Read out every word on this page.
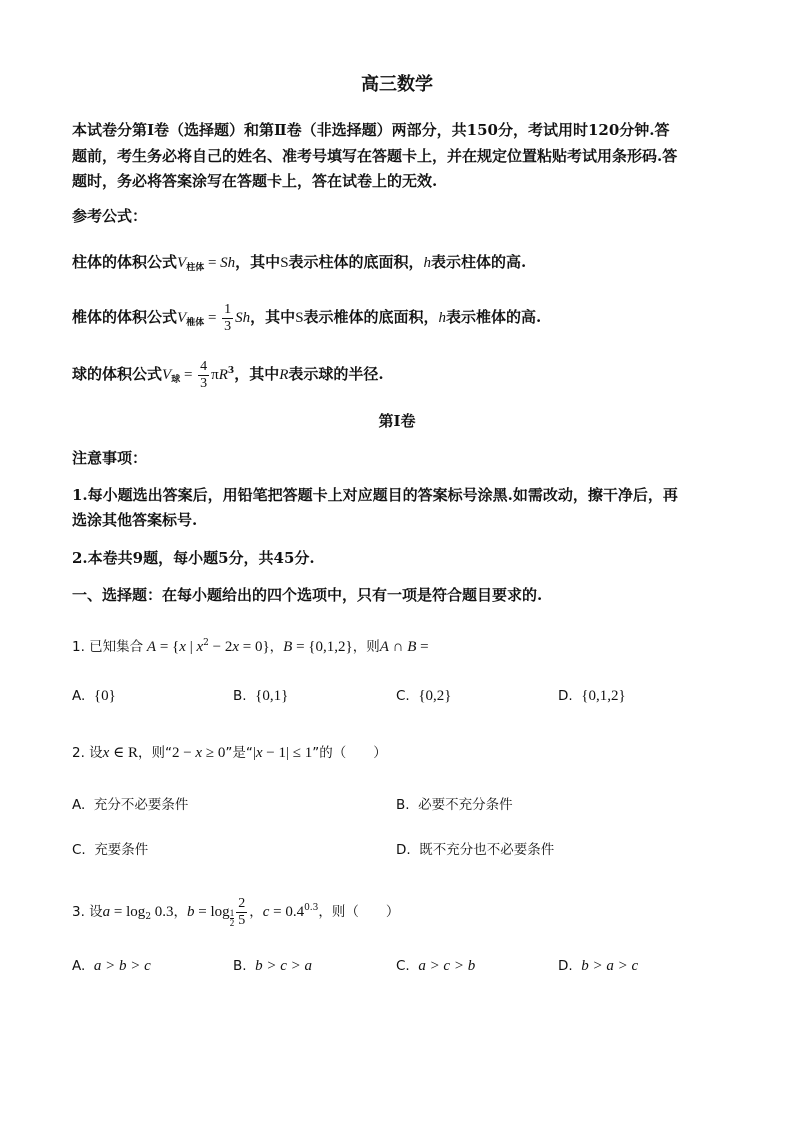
高三数学
本试卷分第Ⅰ卷（选择题）和第Ⅱ卷（非选择题）两部分，共150分，考试用时120分钟.答
题前，考生务必将自己的姓名、准考号填写在答题卡上，并在规定位置粘贴考试用条形码.答
题时，务必将答案涂写在答题卡上，答在试卷上的无效.
参考公式：
柱体的体积公式$V_{柱体} = Sh$，其中S表示柱体的底面积，h表示柱体的高.
椎体的体积公式$V_{椎体} = \frac{1}{3}$ Sh，其中S表示椎体的底面积，h表示椎体的高.
球的体积公式$V_球 = \frac{4}{3} \pi R^3$，其中R表示球的半径.
第Ⅰ卷
注意事项：
1.每小题选出答案后，用铅笔把答题卡上对应题目的答案标号涂黑.如需改动，擦干净后，再
选涂其他答案标号.
2.本卷共9题，每小题5分，共45分.
一、选择题：在每小题给出的四个选项中，只有一项是符合题目要求的.
1. 已知集合 A = {x | $x^2 - 2x = 0$}，B = {0,1,2}，则A ∩ B =
A. {0}	B. {0,1}	C. {0,2}	D. {0,1,2}
2. 设x ∈ R，则“2 − x ≥ 0”是“|x − 1| ≤ 1”的（　　）
A. 充分不必要条件	B. 必要不充分条件
C. 充要条件	D. 既不充分也不必要条件
3. 设$a = \log_2 0.3$，$b = \log \frac{1}{2} \frac{2}{5}$ ，$c = 0.4^{0.3}$，则（　　）
A. a > b > c	B. b > c > a	C. a > c > b	D. b > a > c
